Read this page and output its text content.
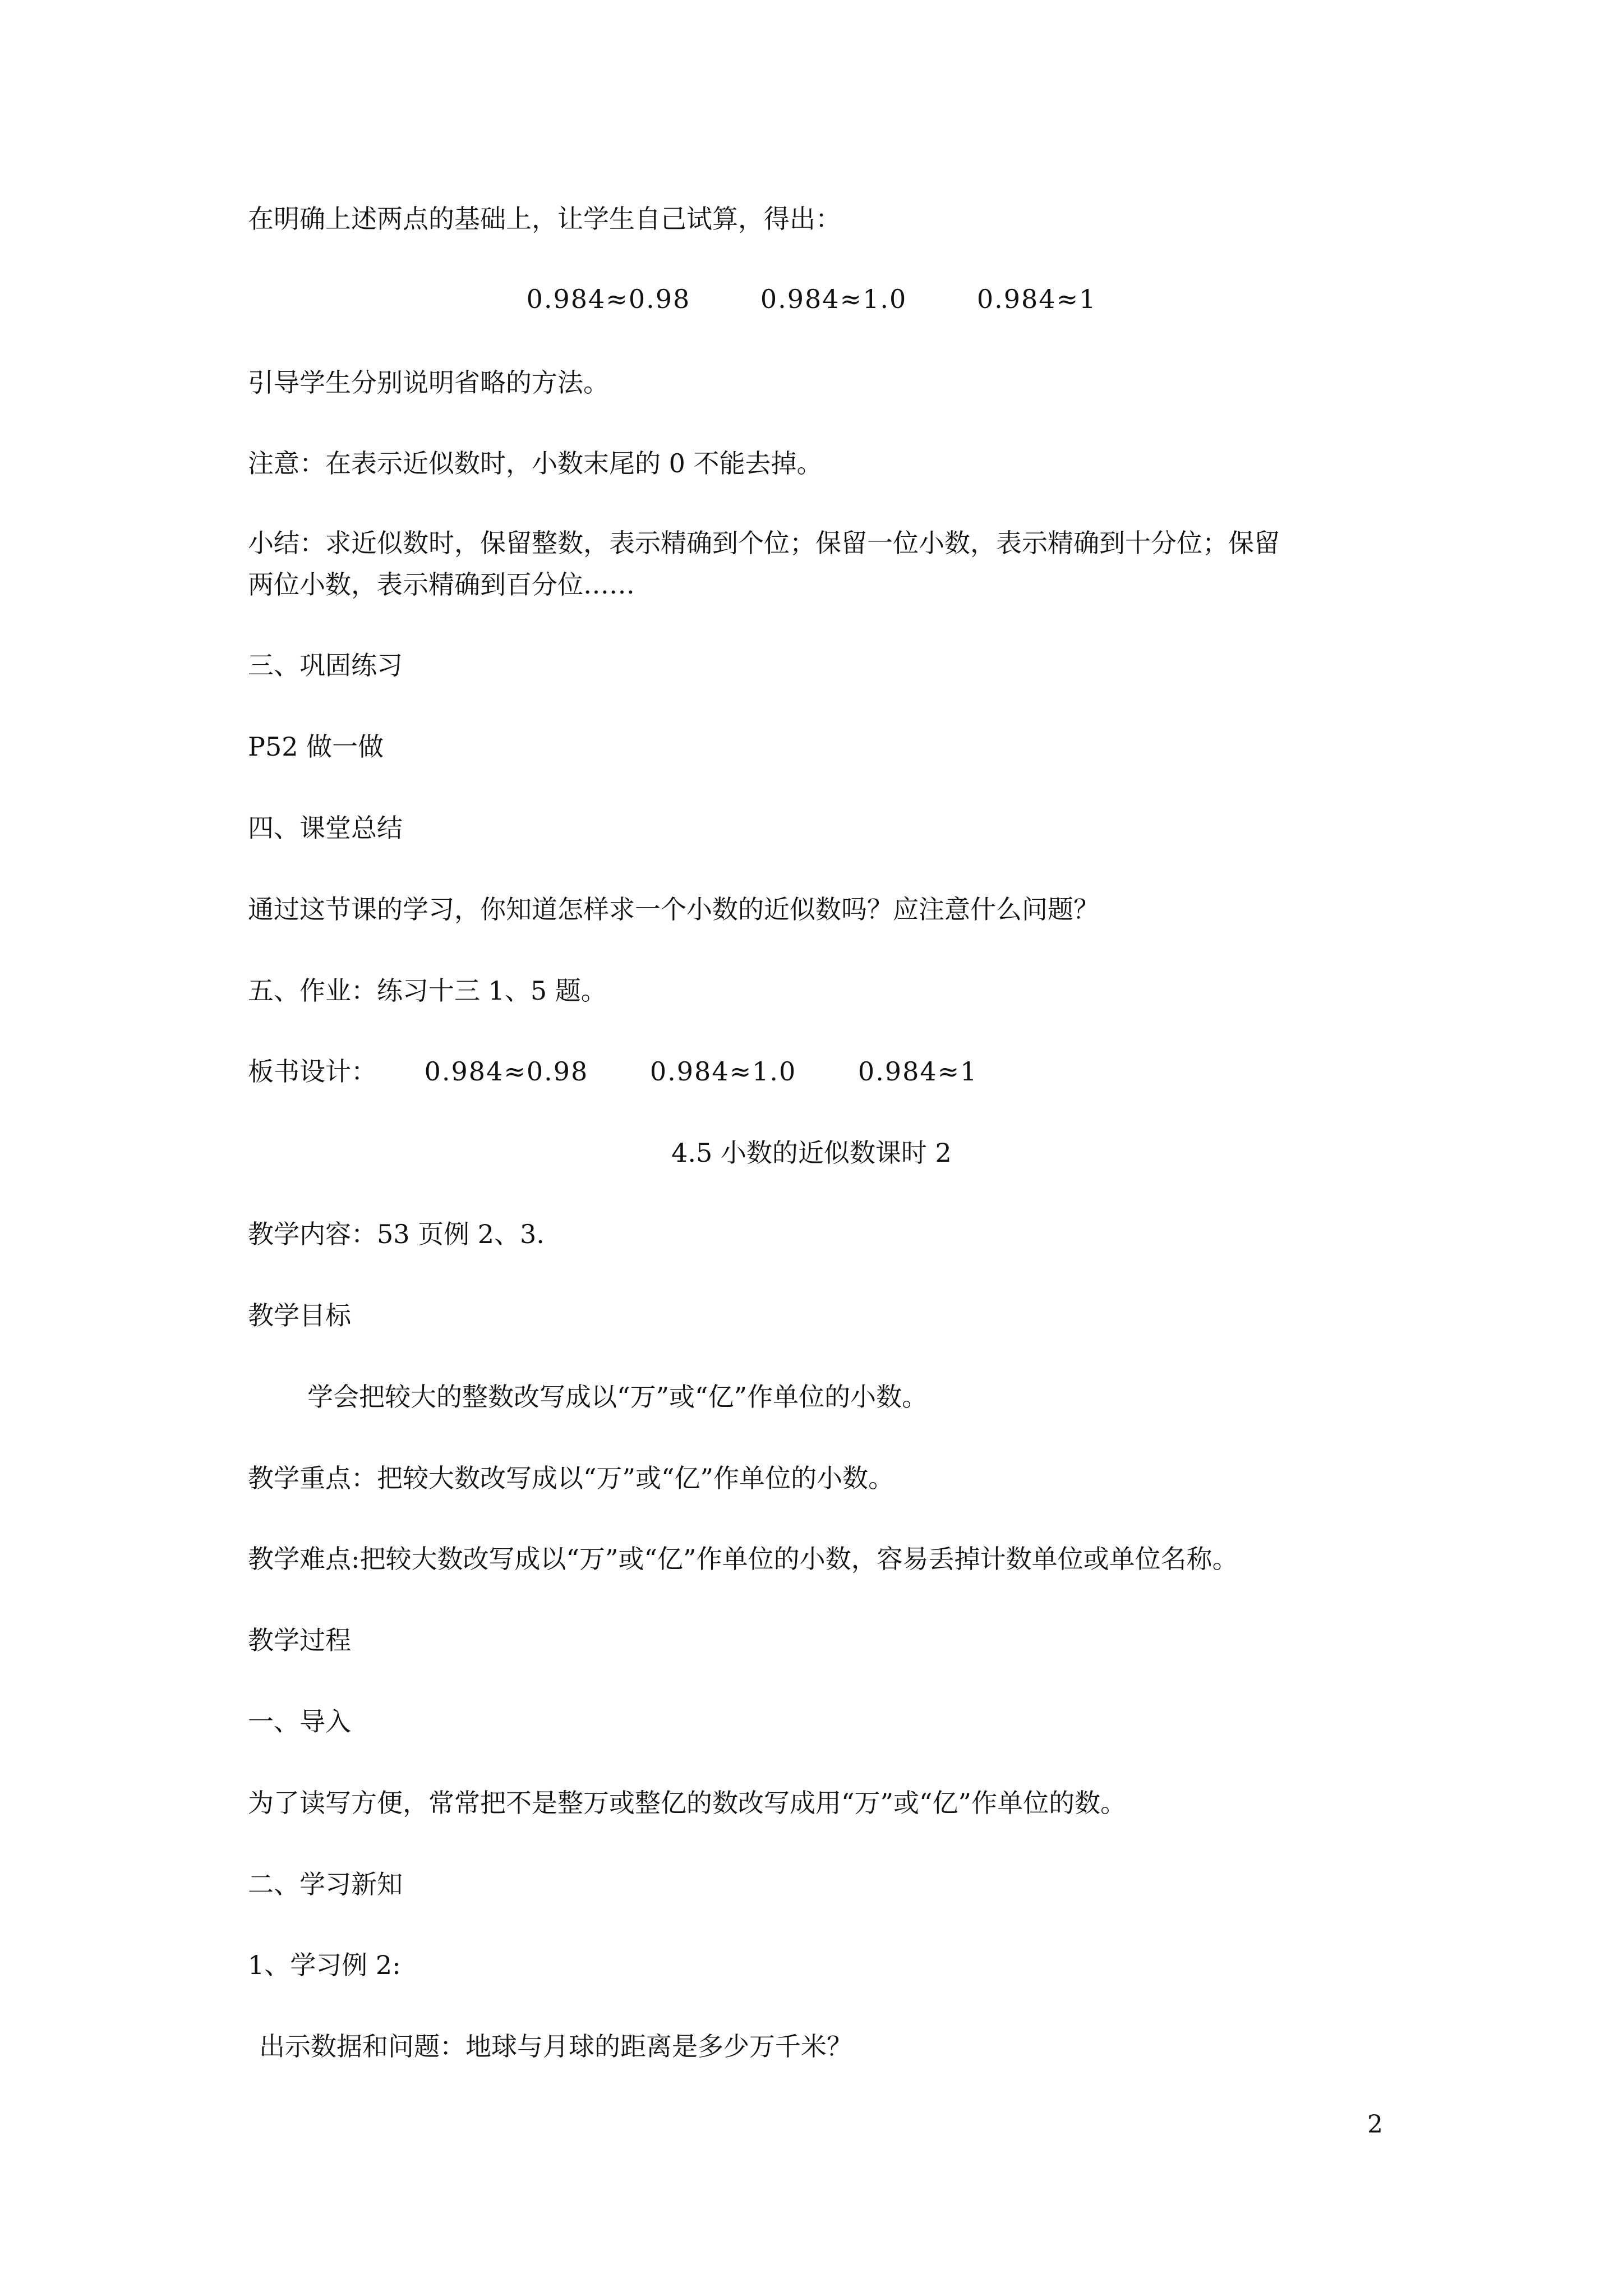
在明确上述两点的基础上，让学生自己试算，得出：
0.984≈0.98	0.984≈1.0	0.984≈1
引导学生分别说明省略的方法。
注意：在表示近似数时，小数末尾的 0 不能去掉。
小结：求近似数时，保留整数，表示精确到个位；保留一位小数，表示精确到十分位；保留
两位小数，表示精确到百分位……
三、巩固练习
P52 做一做
四、课堂总结
通过这节课的学习，你知道怎样求一个小数的近似数吗？应注意什么问题？
五、作业：练习十三 1、5 题。
板书设计： 0.984≈0.98 0.984≈1.0 0.984≈1
4.5 小数的近似数课时 2
教学内容：53 页例 2、3.
教学目标
学会把较大的整数改写成以“万”或“亿”作单位的小数。
教学重点：把较大数改写成以“万”或“亿”作单位的小数。
教学难点:把较大数改写成以“万”或“亿”作单位的小数，容易丢掉计数单位或单位名称。
教学过程
一、导入
为了读写方便，常常把不是整万或整亿的数改写成用“万”或“亿”作单位的数。
二、学习新知
1、学习例 2:
出示数据和问题：地球与月球的距离是多少万千米？
2
